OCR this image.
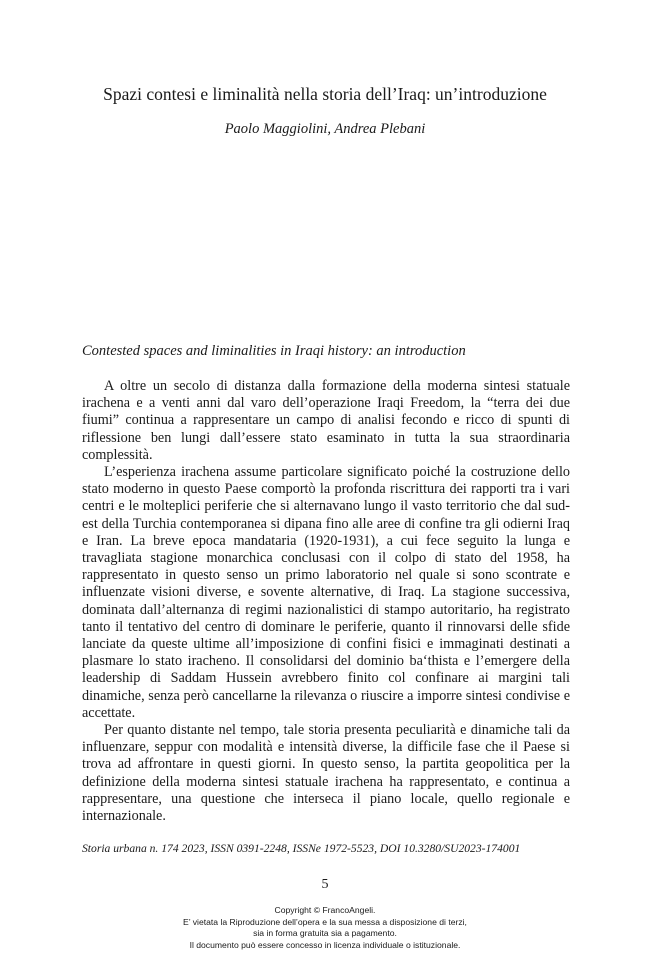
Spazi contesi e liminalità nella storia dell’Iraq: un’introduzione
Paolo Maggiolini, Andrea Plebani
Contested spaces and liminalities in Iraqi history: an introduction

A oltre un secolo di distanza dalla formazione della moderna sintesi statuale irachena e a venti anni dal varo dell’operazione Iraqi Freedom, la “terra dei due fiumi” continua a rappresentare un campo di analisi fecondo e ricco di spunti di riflessione ben lungi dall’essere stato esaminato in tutta la sua straordinaria complessità.

L’esperienza irachena assume particolare significato poiché la costruzione dello stato moderno in questo Paese comportò la profonda riscrittura dei rapporti tra i vari centri e le molteplici periferie che si alternavano lungo il vasto territorio che dal sud-est della Turchia contemporanea si dipana fino alle aree di confine tra gli odierni Iraq e Iran. La breve epoca mandataria (1920-1931), a cui fece seguito la lunga e travagliata stagione monarchica conclusasi con il colpo di stato del 1958, ha rappresentato in questo senso un primo laboratorio nel quale si sono scontrate e influenzate visioni diverse, e sovente alternative, di Iraq. La stagione successiva, dominata dall’alternanza di regimi nazionalistici di stampo autoritario, ha registrato tanto il tentativo del centro di dominare le periferie, quanto il rinnovarsi delle sfide lanciate da queste ultime all’imposizione di confini fisici e immaginati destinati a plasmare lo stato iracheno. Il consolidarsi del dominio ba‘thista e l’emergere della leadership di Saddam Hussein avrebbero finito col confinare ai margini tali dinamiche, senza però cancellarne la rilevanza o riuscire a imporre sintesi condivise e accettate.

Per quanto distante nel tempo, tale storia presenta peculiarità e dinamiche tali da influenzare, seppur con modalità e intensità diverse, la difficile fase che il Paese si trova ad affrontare in questi giorni. In questo senso, la partita geopolitica per la definizione della moderna sintesi statuale irachena ha rappresentato, e continua a rappresentare, una questione che interseca il piano locale, quello regionale e internazionale.

Storia urbana n. 174 2023, ISSN 0391-2248, ISSNe 1972-5523, DOI 10.3280/SU2023-174001
5
Copyright © FrancoAngeli.
E’ vietata la Riproduzione dell’opera e la sua messa a disposizione di terzi,
sia in forma gratuita sia a pagamento.
Il documento può essere concesso in licenza individuale o istituzionale.
